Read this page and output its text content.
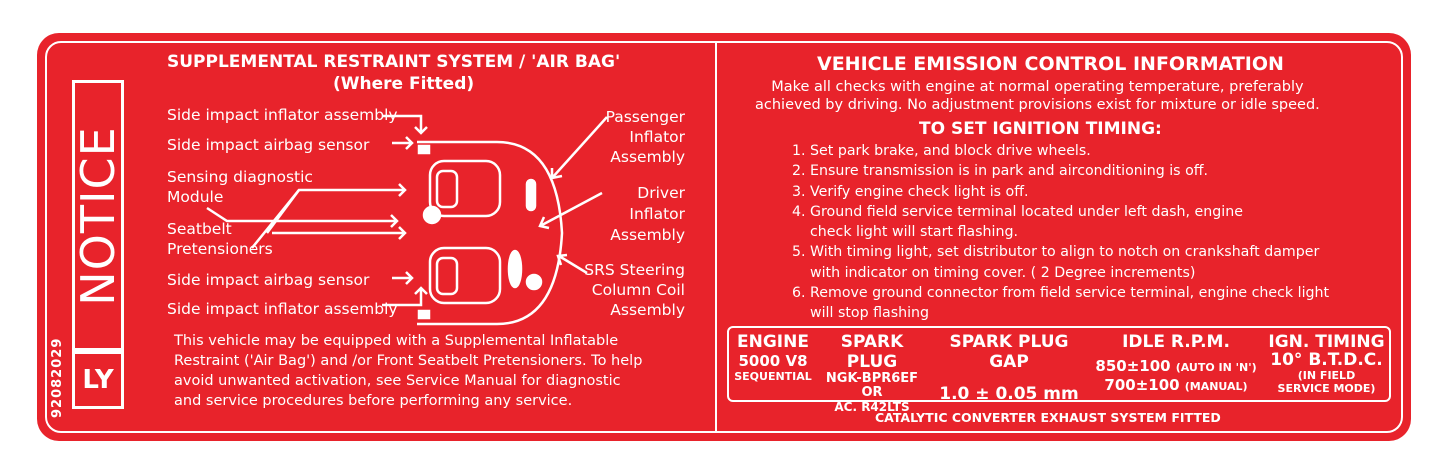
NOTICE
LY
92082029
SUPPLEMENTAL RESTRAINT SYSTEM / 'AIR BAG'
(Where Fitted)
Side impact inflator assembly
Side impact airbag sensor
Sensing diagnostic
Module
Seatbelt
Pretensioners
Side impact airbag sensor
Side impact inflator assembly
Passenger
Inflator
Assembly
Driver
Inflator
Assembly
SRS Steering
Column Coil
Assembly
This vehicle may be equipped with a Supplemental Inflatable
Restraint ('Air Bag') and /or Front Seatbelt Pretensioners. To help
avoid unwanted activation, see Service Manual for diagnostic
and service procedures before performing any service.
VEHICLE EMISSION CONTROL INFORMATION
Make all checks with engine at normal operating temperature, preferably
achieved by driving. No adjustment provisions exist for mixture or idle speed.
TO SET IGNITION TIMING:
1. Set park brake, and block drive wheels.
2. Ensure transmission is in park and airconditioning is off.
3. Verify engine check light is off.
4. Ground field service terminal located under left dash, engine
check light will start flashing.
5. With timing light, set distributor to align to notch on crankshaft damper
with indicator on timing cover. ( 2 Degree increments)
6. Remove ground connector from field service terminal, engine check light
will stop flashing
ENGINE
5000 V8
SEQUENTIAL
SPARK PLUG
NGK-BPR6EF
OR
AC. R42LTS
SPARK PLUG GAP
1.0 ± 0.05 mm
IDLE R.P.M.
850±100 (AUTO IN 'N')
700±100 (MANUAL)
IGN. TIMING
10° B.T.D.C.
(IN FIELD
SERVICE MODE)
CATALYTIC CONVERTER EXHAUST SYSTEM FITTED
